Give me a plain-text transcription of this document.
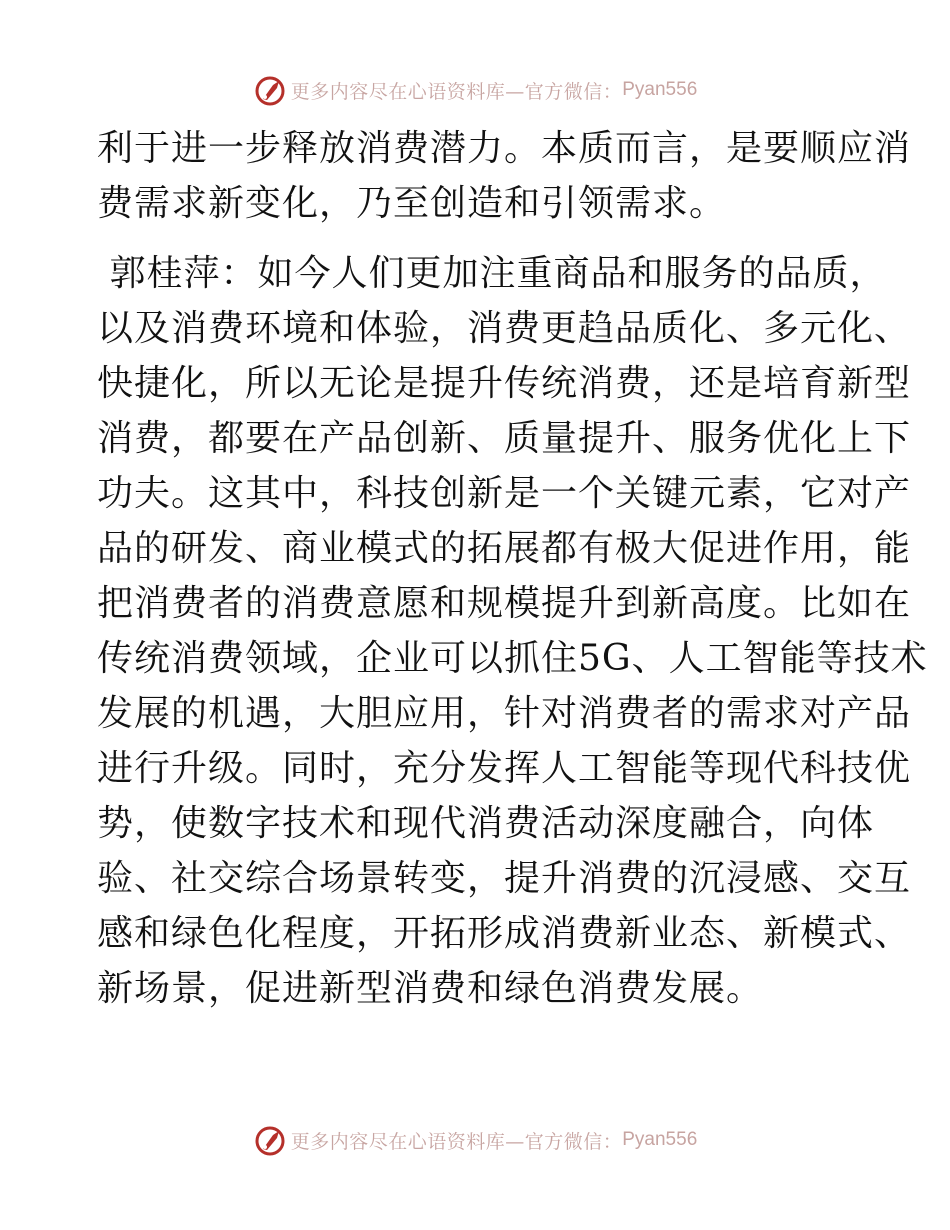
更多内容尽在心语资料库—官方微信： Pyan556

利于进一步释放消费潜力。本质而言，是要顺应消
费需求新变化，乃至创造和引领需求。

郭桂萍：如今人们更加注重商品和服务的品质，
以及消费环境和体验，消费更趋品质化、多元化、
快捷化，所以无论是提升传统消费，还是培育新型
消费，都要在产品创新、质量提升、服务优化上下
功夫。这其中，科技创新是一个关键元素，它对产
品的研发、商业模式的拓展都有极大促进作用，能
把消费者的消费意愿和规模提升到新高度。比如在
传统消费领域，企业可以抓住5G、人工智能等技术
发展的机遇，大胆应用，针对消费者的需求对产品
进行升级。同时，充分发挥人工智能等现代科技优
势，使数字技术和现代消费活动深度融合，向体
验、社交综合场景转变，提升消费的沉浸感、交互
感和绿色化程度，开拓形成消费新业态、新模式、
新场景，促进新型消费和绿色消费发展。

更多内容尽在心语资料库—官方微信： Pyan556
